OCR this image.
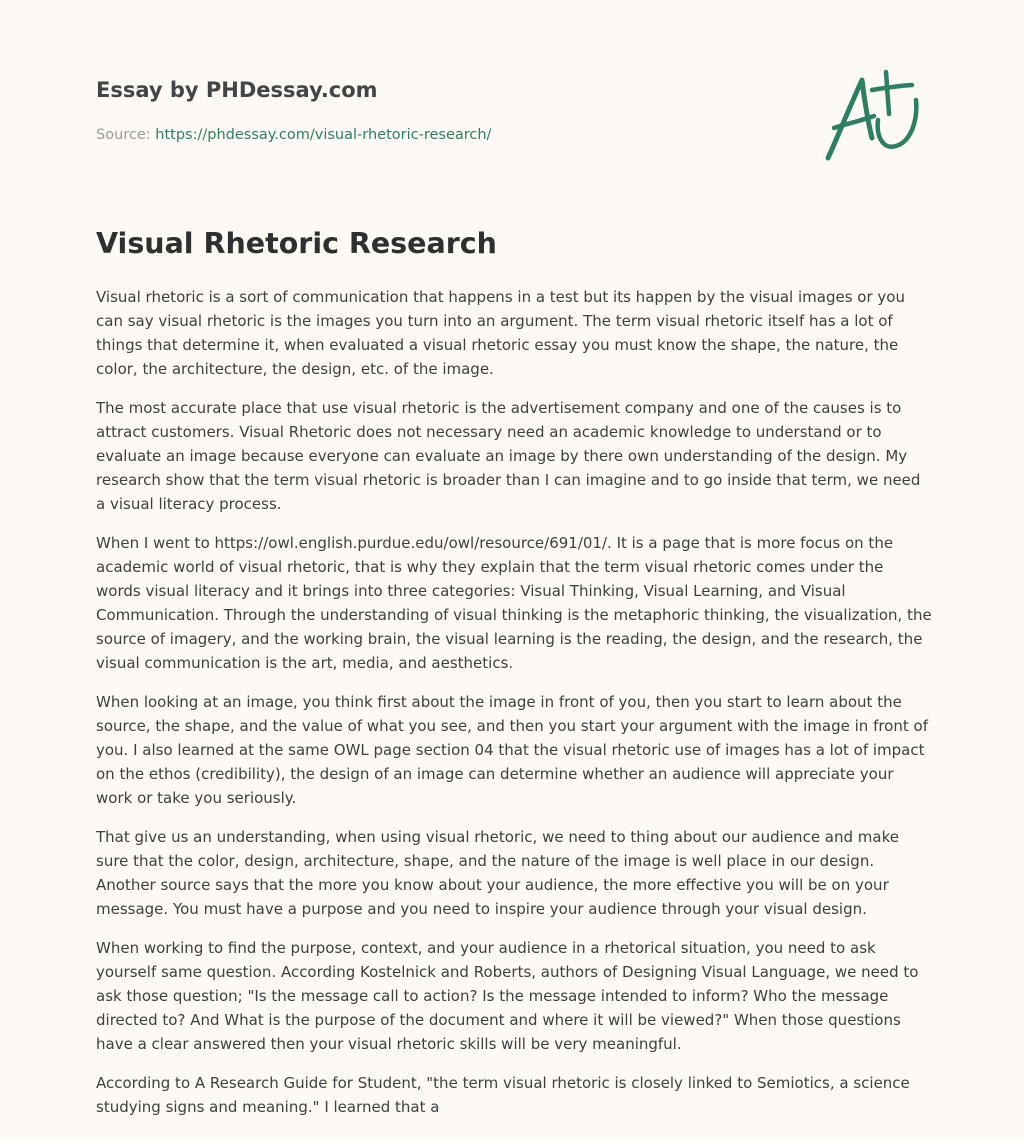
Essay by PHDessay.com
Source: https://phdessay.com/visual-rhetoric-research/
Visual Rhetoric Research

Visual rhetoric is a sort of communication that happens in a test but its happen by the visual images or you can say visual rhetoric is the images you turn into an argument. The term visual rhetoric itself has a lot of things that determine it, when evaluated a visual rhetoric essay you must know the shape, the nature, the color, the architecture, the design, etc. of the image.

The most accurate place that use visual rhetoric is the advertisement company and one of the causes is to attract customers. Visual Rhetoric does not necessary need an academic knowledge to understand or to evaluate an image because everyone can evaluate an image by there own understanding of the design. My research show that the term visual rhetoric is broader than I can imagine and to go inside that term, we need a visual literacy process.

When I went to https://owl.english.purdue.edu/owl/resource/691/01/. It is a page that is more focus on the academic world of visual rhetoric, that is why they explain that the term visual rhetoric comes under the words visual literacy and it brings into three categories: Visual Thinking, Visual Learning, and Visual Communication. Through the understanding of visual thinking is the metaphoric thinking, the visualization, the source of imagery, and the working brain, the visual learning is the reading, the design, and the research, the visual communication is the art, media, and aesthetics.

When looking at an image, you think first about the image in front of you, then you start to learn about the source, the shape, and the value of what you see, and then you start your argument with the image in front of you. I also learned at the same OWL page section 04 that the visual rhetoric use of images has a lot of impact on the ethos (credibility), the design of an image can determine whether an audience will appreciate your work or take you seriously.

That give us an understanding, when using visual rhetoric, we need to thing about our audience and make sure that the color, design, architecture, shape, and the nature of the image is well place in our design. Another source says that the more you know about your audience, the more effective you will be on your message. You must have a purpose and you need to inspire your audience through your visual design.

When working to find the purpose, context, and your audience in a rhetorical situation, you need to ask yourself same question. According Kostelnick and Roberts, authors of Designing Visual Language, we need to ask those question; "Is the message call to action? Is the message intended to inform? Who the message directed to? And What is the purpose of the document and where it will be viewed?" When those questions have a clear answered then your visual rhetoric skills will be very meaningful.

According to A Research Guide for Student, "the term visual rhetoric is closely linked to Semiotics, a science studying signs and meaning." I learned that a
